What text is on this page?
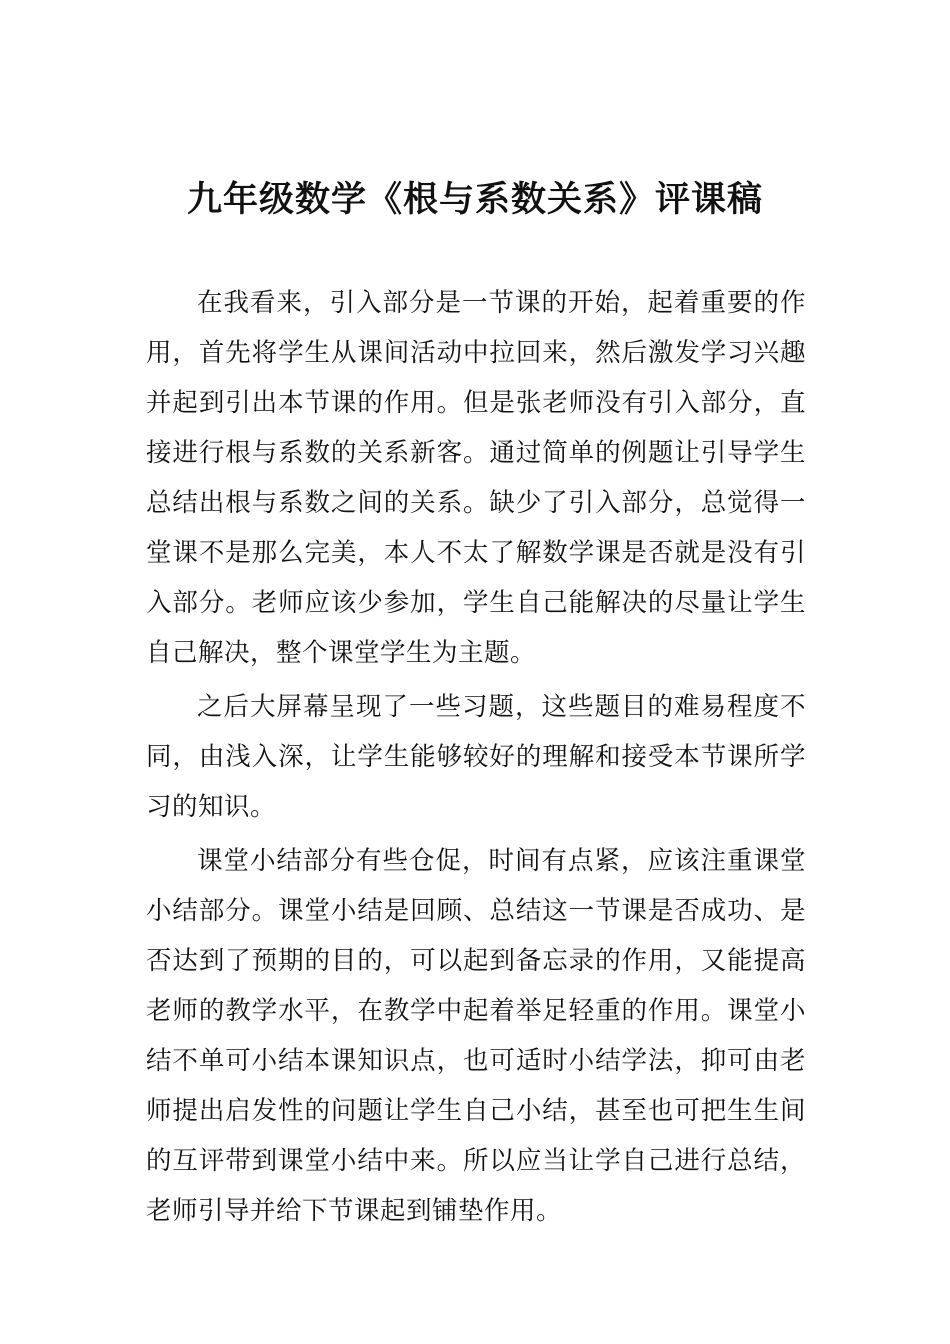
九年级数学《根与系数关系》评课稿

在我看来，引入部分是一节课的开始，起着重要的作用，首先将学生从课间活动中拉回来，然后激发学习兴趣并起到引出本节课的作用。但是张老师没有引入部分，直接进行根与系数的关系新客。通过简单的例题让引导学生总结出根与系数之间的关系。缺少了引入部分，总觉得一堂课不是那么完美，本人不太了解数学课是否就是没有引入部分。老师应该少参加，学生自己能解决的尽量让学生自己解决，整个课堂学生为主题。

之后大屏幕呈现了一些习题，这些题目的难易程度不同，由浅入深，让学生能够较好的理解和接受本节课所学习的知识。

课堂小结部分有些仓促，时间有点紧，应该注重课堂小结部分。课堂小结是回顾、总结这一节课是否成功、是否达到了预期的目的，可以起到备忘录的作用，又能提高老师的教学水平，在教学中起着举足轻重的作用。课堂小结不单可小结本课知识点，也可适时小结学法，抑可由老师提出启发性的问题让学生自己小结，甚至也可把生生间的互评带到课堂小结中来。所以应当让学自己进行总结，老师引导并给下节课起到铺垫作用。
